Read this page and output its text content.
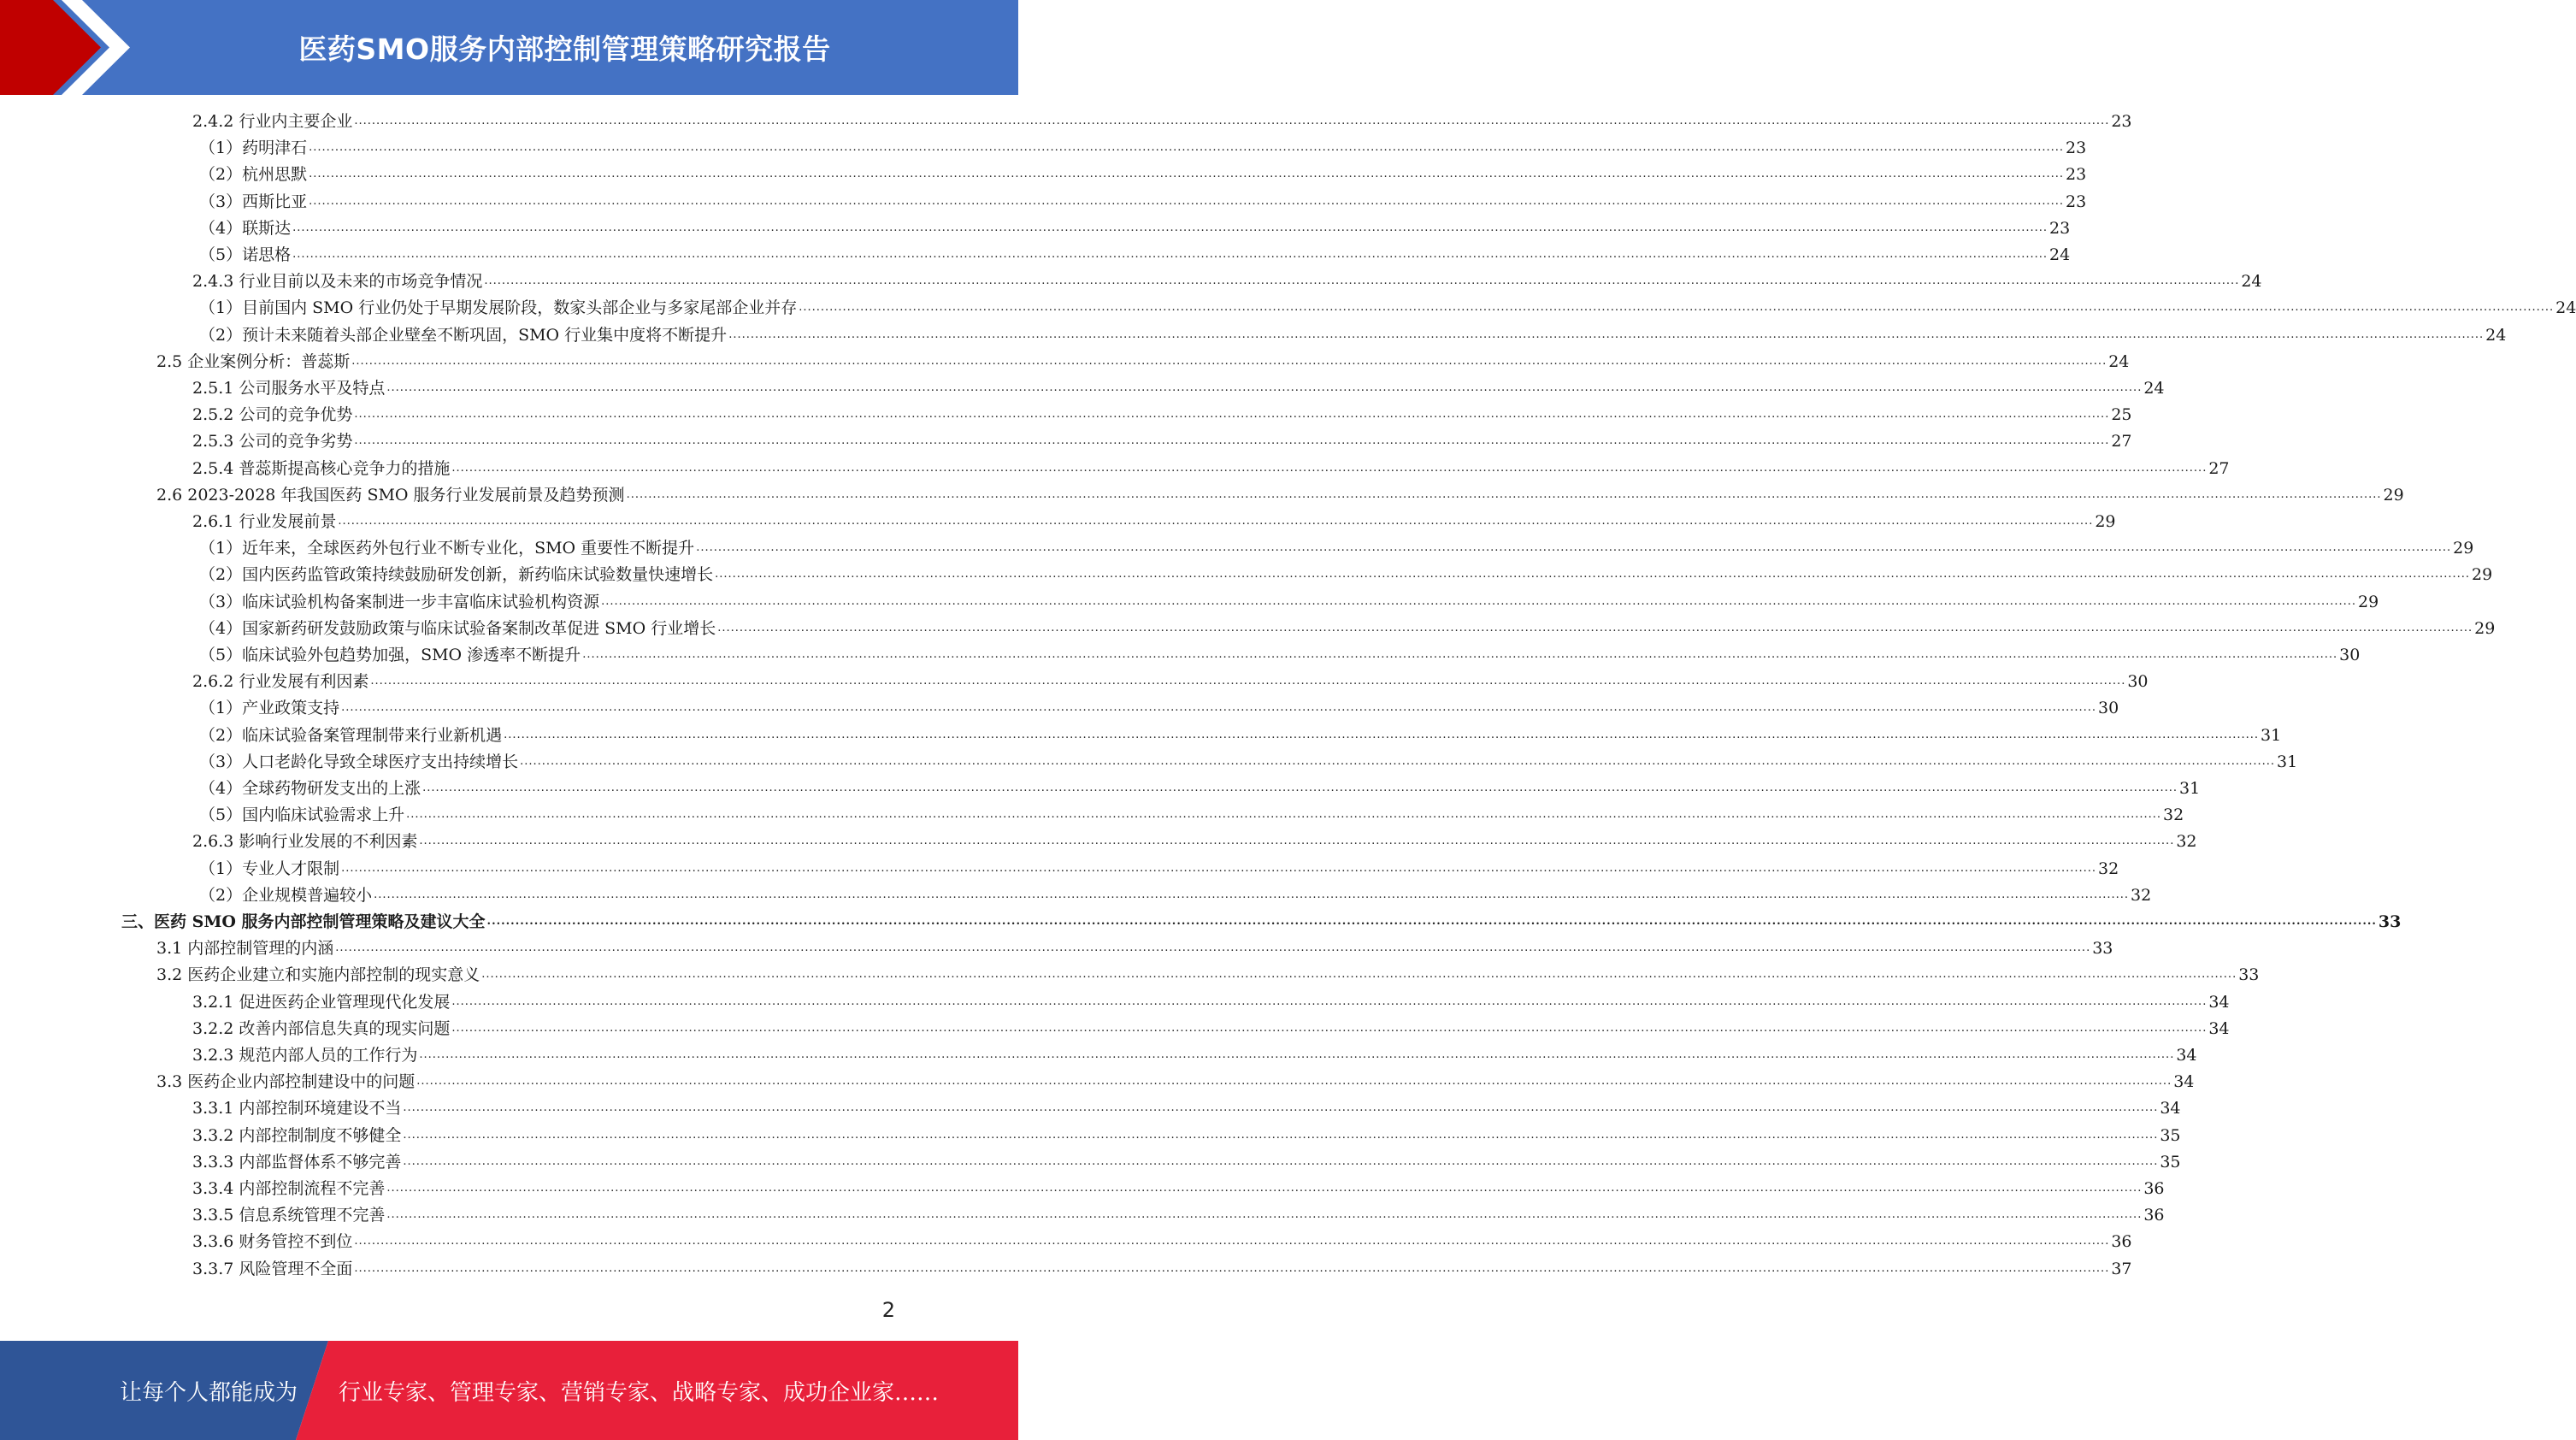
医药SMO服务内部控制管理策略研究报告
2.4.2 行业内主要企业 ................................................................................................................................................................................................................................................................................................................................................................................................................ 23
（1）药明津石 ................................................................................................................................................................................................................................................................................................................................................................................................................ 23
（2）杭州思默 ................................................................................................................................................................................................................................................................................................................................................................................................................ 23
（3）西斯比亚 ................................................................................................................................................................................................................................................................................................................................................................................................................ 23
（4）联斯达 ................................................................................................................................................................................................................................................................................................................................................................................................................ 23
（5）诺思格 ................................................................................................................................................................................................................................................................................................................................................................................................................ 24
2.4.3 行业目前以及未来的市场竞争情况 ................................................................................................................................................................................................................................................................................................................................................................................................................ 24
（1）目前国内 SMO 行业仍处于早期发展阶段，数家头部企业与多家尾部企业并存 ................................................................................................................................................................................................................................................................................................................................................................................................................ 24
（2）预计未来随着头部企业壁垒不断巩固，SMO 行业集中度将不断提升 ................................................................................................................................................................................................................................................................................................................................................................................................................ 24
2.5 企业案例分析：普蕊斯 ................................................................................................................................................................................................................................................................................................................................................................................................................ 24
2.5.1 公司服务水平及特点 ................................................................................................................................................................................................................................................................................................................................................................................................................ 24
2.5.2 公司的竞争优势 ................................................................................................................................................................................................................................................................................................................................................................................................................ 25
2.5.3 公司的竞争劣势 ................................................................................................................................................................................................................................................................................................................................................................................................................ 27
2.5.4 普蕊斯提高核心竞争力的措施 ................................................................................................................................................................................................................................................................................................................................................................................................................ 27
2.6 2023-2028 年我国医药 SMO 服务行业发展前景及趋势预测 ................................................................................................................................................................................................................................................................................................................................................................................................................ 29
2.6.1 行业发展前景 ................................................................................................................................................................................................................................................................................................................................................................................................................ 29
（1）近年来，全球医药外包行业不断专业化，SMO 重要性不断提升 ................................................................................................................................................................................................................................................................................................................................................................................................................ 29
（2）国内医药监管政策持续鼓励研发创新，新药临床试验数量快速增长 ................................................................................................................................................................................................................................................................................................................................................................................................................ 29
（3）临床试验机构备案制进一步丰富临床试验机构资源 ................................................................................................................................................................................................................................................................................................................................................................................................................ 29
（4）国家新药研发鼓励政策与临床试验备案制改革促进 SMO 行业增长 ................................................................................................................................................................................................................................................................................................................................................................................................................ 29
（5）临床试验外包趋势加强，SMO 渗透率不断提升 ................................................................................................................................................................................................................................................................................................................................................................................................................ 30
2.6.2 行业发展有利因素 ................................................................................................................................................................................................................................................................................................................................................................................................................ 30
（1）产业政策支持 ................................................................................................................................................................................................................................................................................................................................................................................................................ 30
（2）临床试验备案管理制带来行业新机遇 ................................................................................................................................................................................................................................................................................................................................................................................................................ 31
（3）人口老龄化导致全球医疗支出持续增长 ................................................................................................................................................................................................................................................................................................................................................................................................................ 31
（4）全球药物研发支出的上涨 ................................................................................................................................................................................................................................................................................................................................................................................................................ 31
（5）国内临床试验需求上升 ................................................................................................................................................................................................................................................................................................................................................................................................................ 32
2.6.3 影响行业发展的不利因素 ................................................................................................................................................................................................................................................................................................................................................................................................................ 32
（1）专业人才限制 ................................................................................................................................................................................................................................................................................................................................................................................................................ 32
（2）企业规模普遍较小 ................................................................................................................................................................................................................................................................................................................................................................................................................ 32
三、医药 SMO 服务内部控制管理策略及建议大全 ................................................................................................................................................................................................................................................................................................................................................................................................................ 33
3.1 内部控制管理的内涵 ................................................................................................................................................................................................................................................................................................................................................................................................................ 33
3.2 医药企业建立和实施内部控制的现实意义 ................................................................................................................................................................................................................................................................................................................................................................................................................ 33
3.2.1 促进医药企业管理现代化发展 ................................................................................................................................................................................................................................................................................................................................................................................................................ 34
3.2.2 改善内部信息失真的现实问题 ................................................................................................................................................................................................................................................................................................................................................................................................................ 34
3.2.3 规范内部人员的工作行为 ................................................................................................................................................................................................................................................................................................................................................................................................................ 34
3.3 医药企业内部控制建设中的问题 ................................................................................................................................................................................................................................................................................................................................................................................................................ 34
3.3.1 内部控制环境建设不当 ................................................................................................................................................................................................................................................................................................................................................................................................................ 34
3.3.2 内部控制制度不够健全 ................................................................................................................................................................................................................................................................................................................................................................................................................ 35
3.3.3 内部监督体系不够完善 ................................................................................................................................................................................................................................................................................................................................................................................................................ 35
3.3.4 内部控制流程不完善 ................................................................................................................................................................................................................................................................................................................................................................................................................ 36
3.3.5 信息系统管理不完善 ................................................................................................................................................................................................................................................................................................................................................................................................................ 36
3.3.6 财务管控不到位 ................................................................................................................................................................................................................................................................................................................................................................................................................ 36
3.3.7 风险管理不全面 ................................................................................................................................................................................................................................................................................................................................................................................................................ 37
2
让每个人都能成为 行业专家、管理专家、营销专家、战略专家、成功企业家……
